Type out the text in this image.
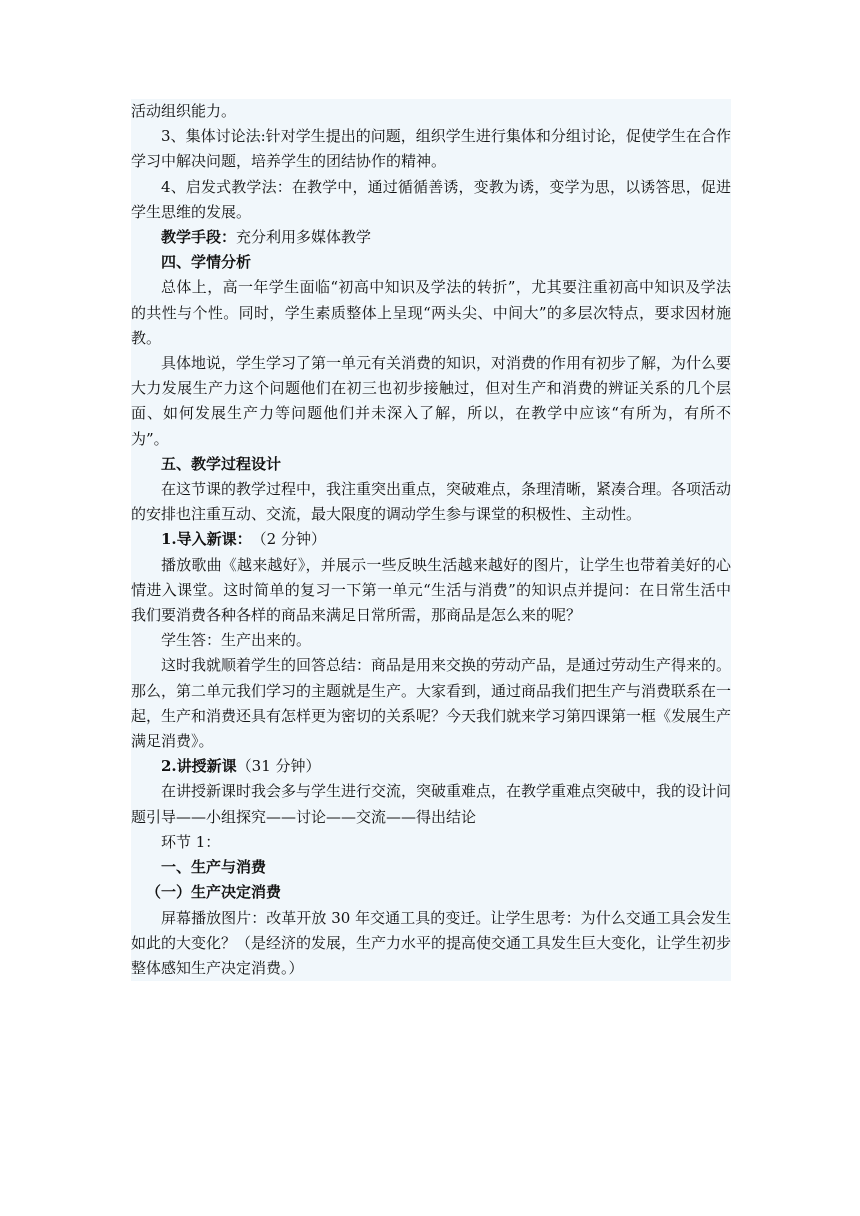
活动组织能力。

3、集体讨论法:针对学生提出的问题，组织学生进行集体和分组讨论，促使学生在合作学习中解决问题，培养学生的团结协作的精神。

4、启发式教学法：在教学中，通过循循善诱，变教为诱，变学为思，以诱答思，促进学生思维的发展。

教学手段：充分利用多媒体教学

四、学情分析

总体上，高一年学生面临“初高中知识及学法的转折”，尤其要注重初高中知识及学法的共性与个性。同时，学生素质整体上呈现“两头尖、中间大”的多层次特点，要求因材施教。

具体地说，学生学习了第一单元有关消费的知识，对消费的作用有初步了解，为什么要大力发展生产力这个问题他们在初三也初步接触过，但对生产和消费的辨证关系的几个层面、如何发展生产力等问题他们并未深入了解，所以，在教学中应该“有所为，有所不为”。

五、教学过程设计

在这节课的教学过程中，我注重突出重点，突破难点，条理清晰，紧凑合理。各项活动的安排也注重互动、交流，最大限度的调动学生参与课堂的积极性、主动性。

1.导入新课：　（2 分钟）

播放歌曲《越来越好》，并展示一些反映生活越来越好的图片，让学生也带着美好的心情进入课堂。这时简单的复习一下第一单元“生活与消费”的知识点并提问：在日常生活中我们要消费各种各样的商品来满足日常所需，那商品是怎么来的呢？

学生答：生产出来的。

这时我就顺着学生的回答总结：商品是用来交换的劳动产品，是通过劳动生产得来的。那么，第二单元我们学习的主题就是生产。大家看到，通过商品我们把生产与消费联系在一起，生产和消费还具有怎样更为密切的关系呢？今天我们就来学习第四课第一框《发展生产　满足消费》。

2.讲授新课（31 分钟）

在讲授新课时我会多与学生进行交流，突破重难点，在教学重难点突破中，我的设计问题引导——小组探究——讨论——交流——得出结论

环节 1：

一、生产与消费

（一）生产决定消费

屏幕播放图片：改革开放 30 年交通工具的变迁。让学生思考：为什么交通工具会发生如此的大变化？（是经济的发展，生产力水平的提高使交通工具发生巨大变化，让学生初步整体感知生产决定消费。）
